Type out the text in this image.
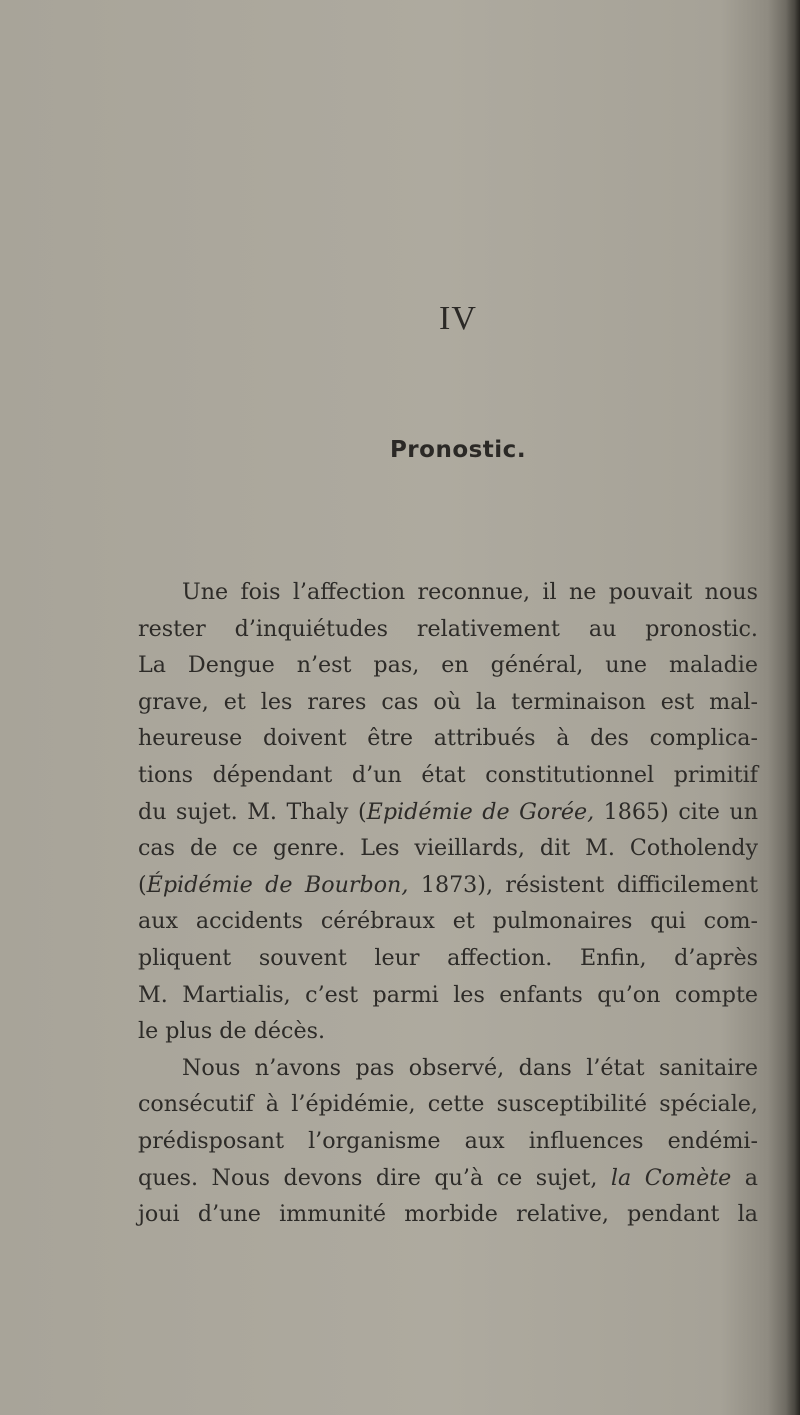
IV
Pronostic.
Une fois l’affection reconnue, il ne pouvait nous
rester d’inquiétudes relativement au pronostic.
La Dengue n’est pas, en général, une maladie
grave, et les rares cas où la terminaison est mal-
heureuse doivent être attribués à des complica-
tions dépendant d’un état constitutionnel primitif
du sujet. M. Thaly (Epidémie de Gorée, 1865) cite un
cas de ce genre. Les vieillards, dit M. Cotholendy
(Épidémie de Bourbon, 1873), résistent difficilement
aux accidents cérébraux et pulmonaires qui com-
pliquent souvent leur affection. Enfin, d’après
M. Martialis, c’est parmi les enfants qu’on compte
le plus de décès.
Nous n’avons pas observé, dans l’état sanitaire
consécutif à l’épidémie, cette susceptibilité spéciale,
prédisposant l’organisme aux influences endémi-
ques. Nous devons dire qu’à ce sujet, la Comète a
joui d’une immunité morbide relative, pendant la
